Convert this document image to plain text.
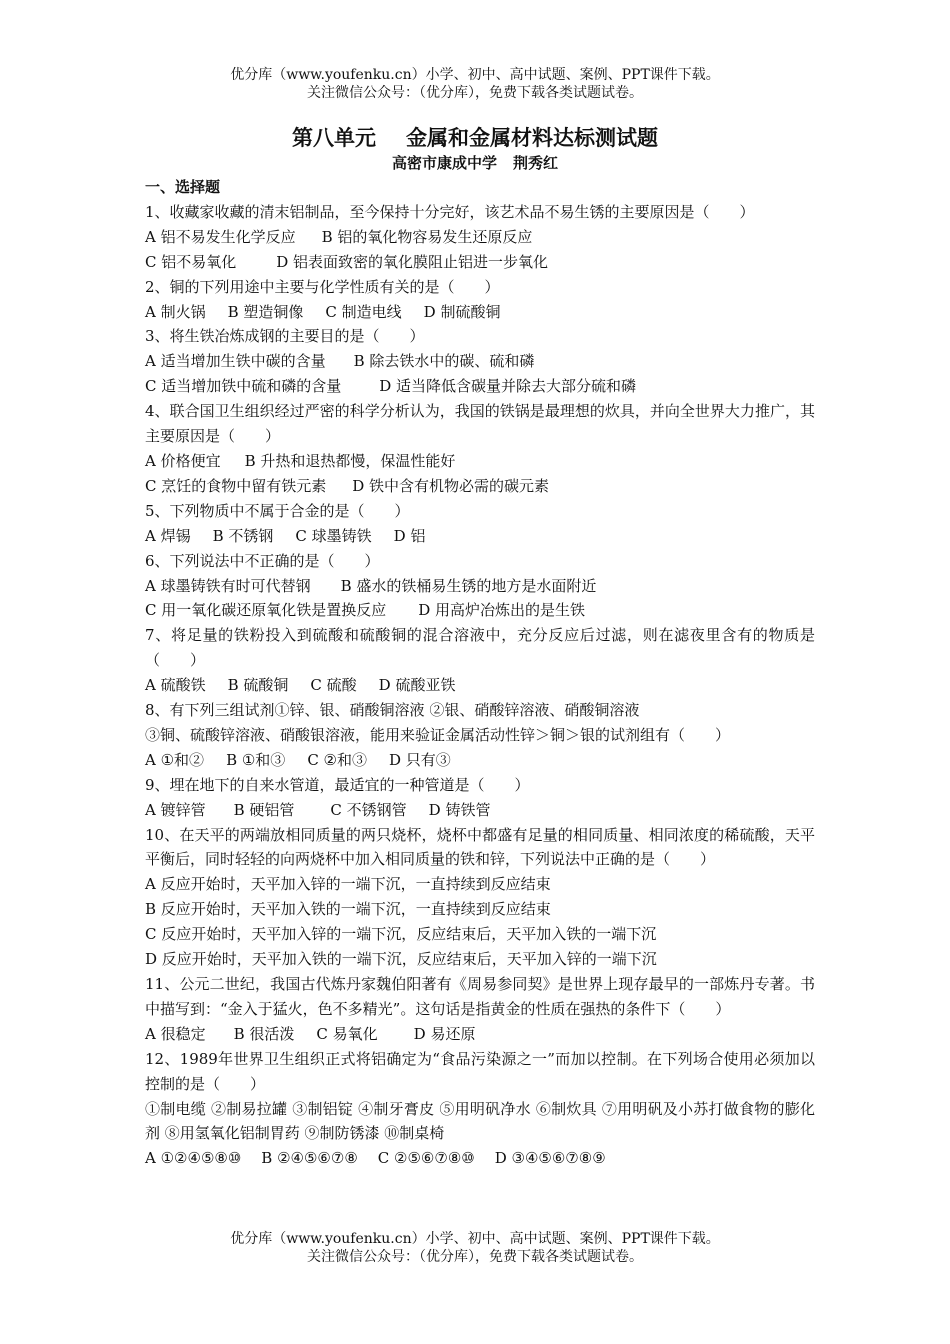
优分库（www.youfenku.cn）小学、初中、高中试题、案例、PPT课件下载。
关注微信公众号：（优分库），免费下载各类试题试卷。
第八单元 金属和金属材料达标测试题
高密市康成中学 荆秀红
一、选择题
1、收藏家收藏的清末铝制品，至今保持十分完好，该艺术品不易生锈的主要原因是（　　）
A 铝不易发生化学反应 B 铝的氧化物容易发生还原反应
C 铝不易氧化	D 铝表面致密的氧化膜阻止铝进一步氧化
2、铜的下列用途中主要与化学性质有关的是（　　）
A 制火锅 B 塑造铜像 C 制造电线 D 制硫酸铜
3、将生铁冶炼成钢的主要目的是（　　）
A 适当增加生铁中碳的含量 B 除去铁水中的碳、硫和磷
C 适当增加铁中硫和磷的含量	D 适当降低含碳量并除去大部分硫和磷
4、联合国卫生组织经过严密的科学分析认为，我国的铁锅是最理想的炊具，并向全世界大力推广，其主要原因是（　　）
A 价格便宜 B 升热和退热都慢，保温性能好
C 烹饪的食物中留有铁元素 D 铁中含有机物必需的碳元素
5、下列物质中不属于合金的是（　　）
A 焊锡 B 不锈钢 C 球墨铸铁 D 铝
6、下列说法中不正确的是（　　）
A 球墨铸铁有时可代替钢 B 盛水的铁桶易生锈的地方是水面附近
C 用一氧化碳还原氧化铁是置换反应 D 用高炉冶炼出的是生铁
7、将足量的铁粉投入到硫酸和硫酸铜的混合溶液中，充分反应后过滤，则在滤夜里含有的物质是（　　）
A 硫酸铁 B 硫酸铜 C 硫酸 D 硫酸亚铁
8、有下列三组试剂①锌、银、硝酸铜溶液 ②银、硝酸锌溶液、硝酸铜溶液
③铜、硫酸锌溶液、硝酸银溶液，能用来验证金属活动性锌＞铜＞银的试剂组有（　　）
A ①和② B ①和③ C ②和③ D 只有③
9、埋在地下的自来水管道，最适宜的一种管道是（　　）
A 镀锌管 B 硬铝管 C 不锈钢管 D 铸铁管
10、在天平的两端放相同质量的两只烧杯，烧杯中都盛有足量的相同质量、相同浓度的稀硫酸，天平平衡后，同时轻轻的向两烧杯中加入相同质量的铁和锌，下列说法中正确的是（　　）
A 反应开始时，天平加入锌的一端下沉，一直持续到反应结束
B 反应开始时，天平加入铁的一端下沉，一直持续到反应结束
C 反应开始时，天平加入锌的一端下沉，反应结束后，天平加入铁的一端下沉
D 反应开始时，天平加入铁的一端下沉，反应结束后，天平加入锌的一端下沉
11、公元二世纪，我国古代炼丹家魏伯阳著有《周易参同契》是世界上现存最早的一部炼丹专著。书中描写到：“金入于猛火，色不多精光”。这句话是指黄金的性质在强热的条件下（　　）
A 很稳定 B 很活泼 C 易氧化 D 易还原
12、1989年世界卫生组织正式将铝确定为“食品污染源之一”而加以控制。在下列场合使用必须加以控制的是（　　）
①制电缆 ②制易拉罐 ③制铝锭 ④制牙膏皮 ⑤用明矾净水 ⑥制炊具 ⑦用明矾及小苏打做食物的膨化剂 ⑧用氢氧化铝制胃药 ⑨制防锈漆 ⑩制桌椅
A ①②④⑤⑧⑩ B ②④⑤⑥⑦⑧ C ②⑤⑥⑦⑧⑩ D ③④⑤⑥⑦⑧⑨
优分库（www.youfenku.cn）小学、初中、高中试题、案例、PPT课件下载。
关注微信公众号：（优分库），免费下载各类试题试卷。
